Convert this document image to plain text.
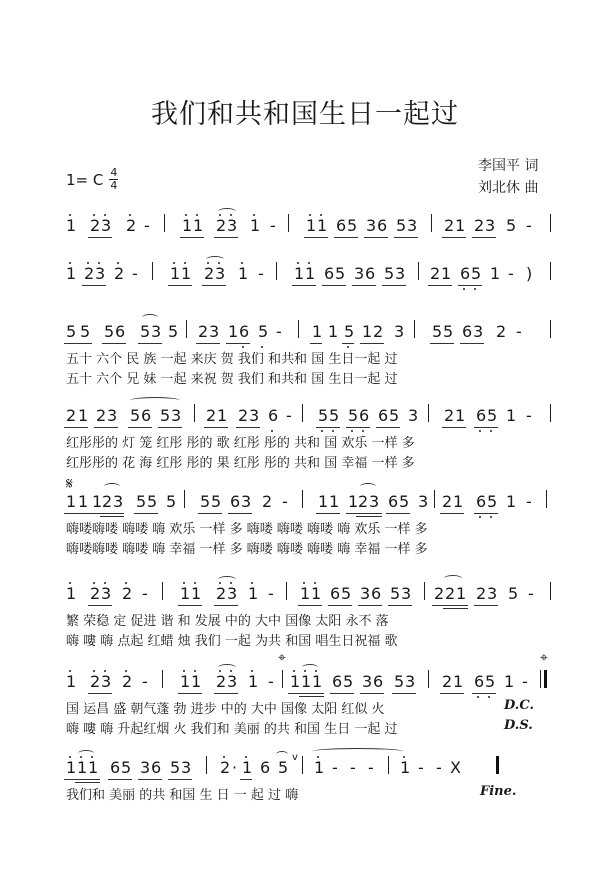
我们和共和国生日一起过
1= C 4
4
李国平 词
刘北休 曲
1 2 3 2 - 1 1 2 3 1 - 1 1 6 5 3 6 5 3 2 1 2 3 5 -
1 2 3 2 - 1 1 2 3 1 - 1 1 6 5 3 6 5 3 2 1 6 5 1 - )
5 5 5 6 5 3 5 2 3 1 6 5 - 1 1 5 1 2 3 5 5 6 3 2 -
五十 六个 民 族 一起 来庆 贺 我们 和共和 国 生日一起 过
五十 六个 兄 妹 一起 来祝 贺 我们 和共和 国 生日一起 过
2 1 2 3 5 6 5 3 2 1 2 3 6 - 5 5 5 6 6 5 3 2 1 6 5 1 -
红彤彤的 灯 笼 红彤 彤的 歌 红彤 彤的 共和 国 欢乐 一样 多
红彤彤的 花 海 红彤 彤的 果 红彤 彤的 共和 国 幸福 一样 多
𝄋
1 1 1 2 3 5 5 5 5 5 6 3 2 - 1 1 1 2 3 6 5 3 2 1 6 5 1 -
嗨喽嗨喽 嗨喽 嗨 欢乐 一样 多 嗨喽 嗨喽 嗨喽 嗨 欢乐 一样 多
嗨喽嗨喽 嗨喽 嗨 幸福 一样 多 嗨喽 嗨喽 嗨喽 嗨 幸福 一样 多
1 2 3 2 - 1 1 2 3 1 - 1 1 6 5 3 6 5 3 2 2 1 2 3 5 -
繁 荣稳 定 促进 谐 和 发展 中的 大中 国像 太阳 永不 落
嗨 嘍 嗨 点起 红蜡 烛 我们 一起 为共 和国 唱生日祝福 歌
⌖	⌖
1 2 3 2 - 1 1 2 3 1 - 1 1 1 6 5 3 6 5 3 2 1 6 5 1 -
国 运昌 盛 朝气蓬 勃 进步 中的 大中 国像 太阳 红似 火	D.C.
嗨 嘍 嗨 升起红烟 火 我们和 美丽 的共 和国 生日 一起 过	D.S.
1 1 1 6 5 3 6 5 3 2 · 1 6 5
v
1 - - - 1 - - X
我们和 美丽 的共 和国 生 日 一 起 过 嗨	Fine.
